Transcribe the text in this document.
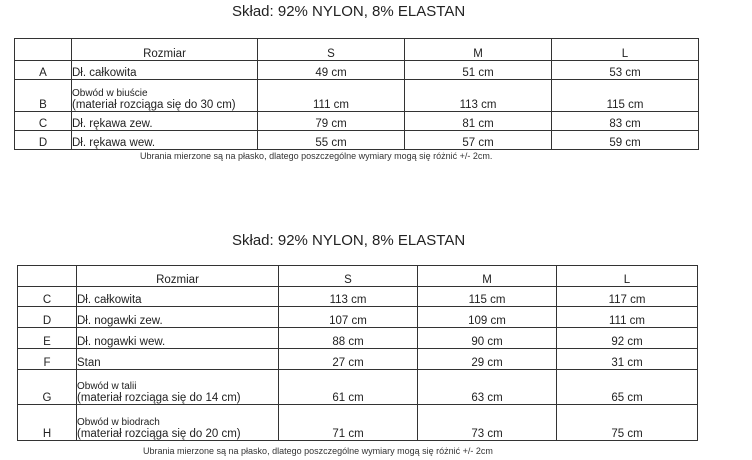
Skład: 92% NYLON, 8% ELASTAN
	Rozmiar	S	M	L
A	Dł. całkowita	49 cm	51 cm	53 cm
B	Obwód w biuście
(materiał rozciąga się do 30 cm)	111 cm	113 cm	115 cm
C	Dł. rękawa zew.	79 cm	81 cm	83 cm
D	Dł. rękawa wew.	55 cm	57 cm	59 cm
Ubrania mierzone są na płasko, dlatego poszczególne wymiary mogą się różnić +/- 2cm.
Skład: 92% NYLON, 8% ELASTAN
	Rozmiar	S	M	L
C	Dł. całkowita	113 cm	115 cm	117 cm
D	Dł. nogawki zew.	107 cm	109 cm	111 cm
E	Dł. nogawki wew.	88 cm	90 cm	92 cm
F	Stan	27 cm	29 cm	31 cm
G	Obwód w talii
(materiał rozciąga się do 14 cm)	61 cm	63 cm	65 cm
H	Obwód w biodrach
(materiał rozciąga się do 20 cm)	71 cm	73 cm	75 cm
Ubrania mierzone są na płasko, dlatego poszczególne wymiary mogą się różnić +/- 2cm
